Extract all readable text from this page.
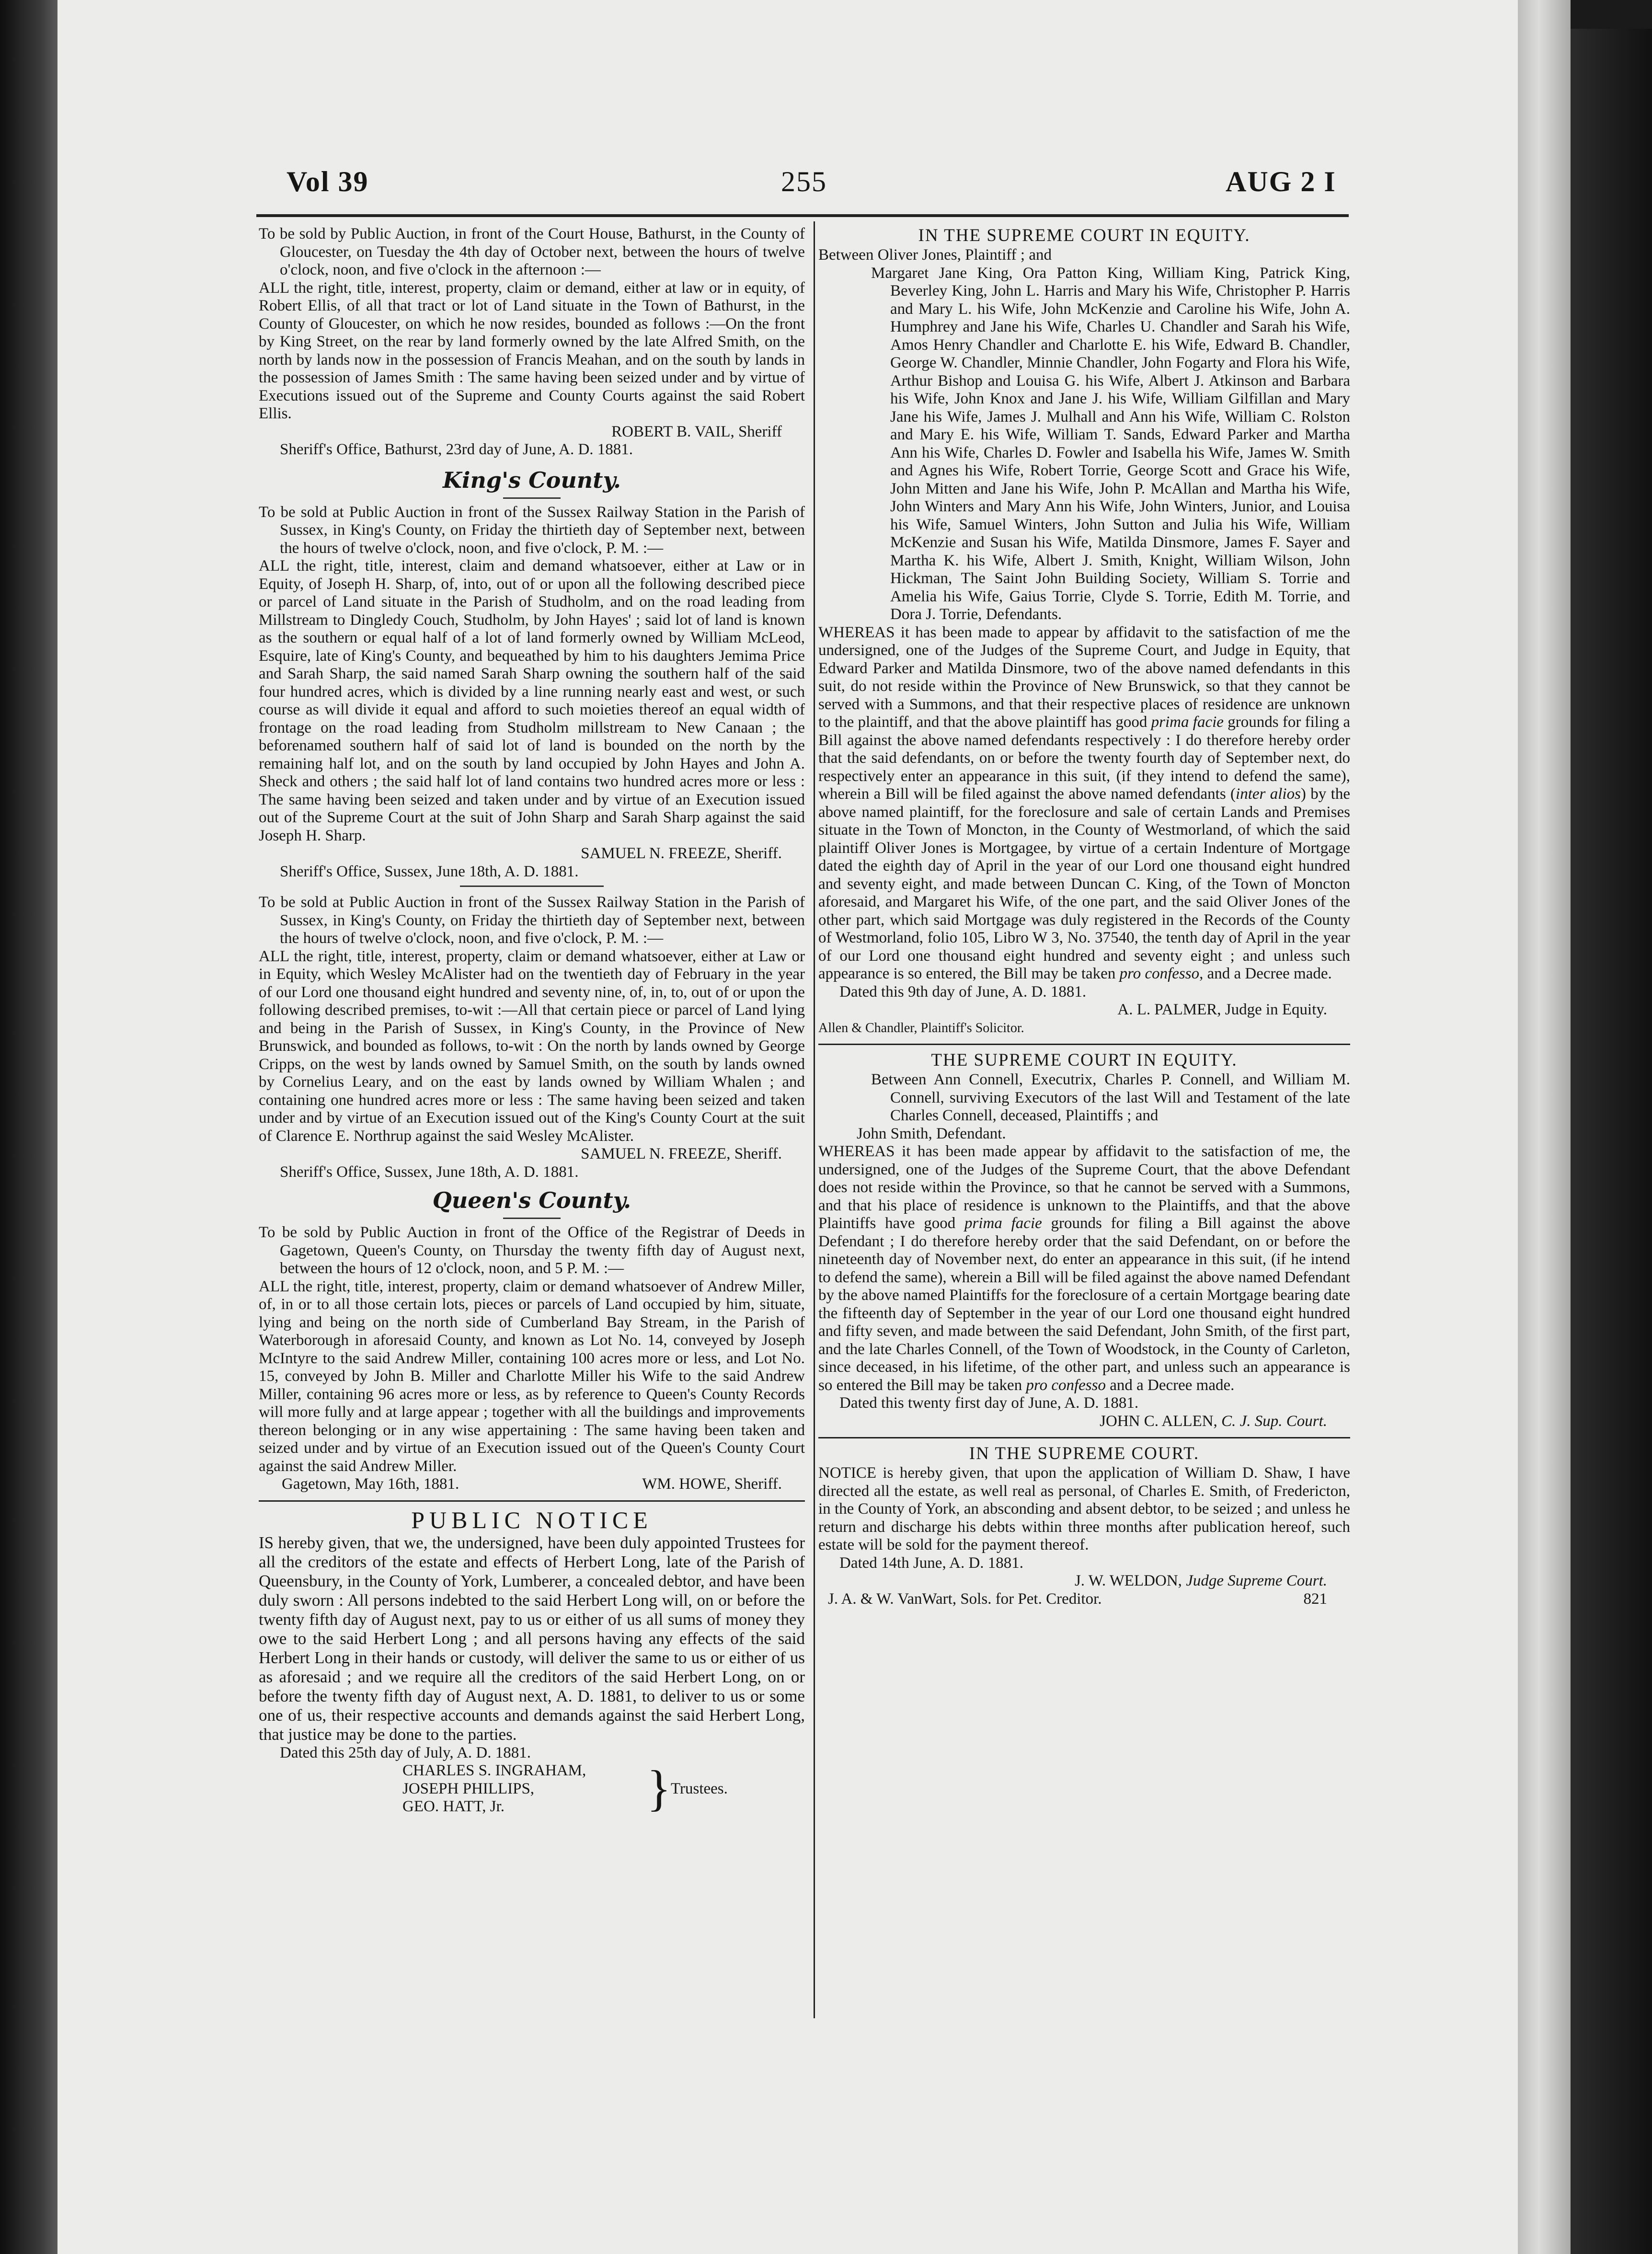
Vol 39	255	AUG 2 I

To be sold by Public Auction, in front of the Court House, Bathurst, in the County of Gloucester, on Tuesday the 4th day of October next, between the hours of twelve o'clock, noon, and five o'clock in the afternoon :—

ALL the right, title, interest, property, claim or demand, either at law or in equity, of Robert Ellis, of all that tract or lot of Land situate in the Town of Bathurst, in the County of Gloucester, on which he now resides, bounded as follows :—On the front by King Street, on the rear by land formerly owned by the late Alfred Smith, on the north by lands now in the possession of Francis Meahan, and on the south by lands in the possession of James Smith : The same having been seized under and by virtue of Executions issued out of the Supreme and County Courts against the said Robert Ellis.

ROBERT B. VAIL, Sheriff

Sheriff's Office, Bathurst, 23rd day of June, A. D. 1881.

King's County.

To be sold at Public Auction in front of the Sussex Railway Station in the Parish of Sussex, in King's County, on Friday the thirtieth day of September next, between the hours of twelve o'clock, noon, and five o'clock, P. M. :—

ALL the right, title, interest, claim and demand whatsoever, either at Law or in Equity, of Joseph H. Sharp, of, into, out of or upon all the following described piece or parcel of Land situate in the Parish of Studholm, and on the road leading from Millstream to Dingledy Couch, Studholm, by John Hayes' ; said lot of land is known as the southern or equal half of a lot of land formerly owned by William McLeod, Esquire, late of King's County, and bequeathed by him to his daughters Jemima Price and Sarah Sharp, the said named Sarah Sharp owning the southern half of the said four hundred acres, which is divided by a line running nearly east and west, or such course as will divide it equal and afford to such moieties thereof an equal width of frontage on the road leading from Studholm millstream to New Canaan ; the beforenamed southern half of said lot of land is bounded on the north by the remaining half lot, and on the south by land occupied by John Hayes and John A. Sheck and others ; the said half lot of land contains two hundred acres more or less : The same having been seized and taken under and by virtue of an Execution issued out of the Supreme Court at the suit of John Sharp and Sarah Sharp against the said Joseph H. Sharp.

SAMUEL N. FREEZE, Sheriff.

Sheriff's Office, Sussex, June 18th, A. D. 1881.

To be sold at Public Auction in front of the Sussex Railway Station in the Parish of Sussex, in King's County, on Friday the thirtieth day of September next, between the hours of twelve o'clock, noon, and five o'clock, P. M. :—

ALL the right, title, interest, property, claim or demand whatsoever, either at Law or in Equity, which Wesley McAlister had on the twentieth day of February in the year of our Lord one thousand eight hundred and seventy nine, of, in, to, out of or upon the following described premises, to-wit :—All that certain piece or parcel of Land lying and being in the Parish of Sussex, in King's County, in the Province of New Brunswick, and bounded as follows, to-wit : On the north by lands owned by George Cripps, on the west by lands owned by Samuel Smith, on the south by lands owned by Cornelius Leary, and on the east by lands owned by William Whalen ; and containing one hundred acres more or less : The same having been seized and taken under and by virtue of an Execution issued out of the King's County Court at the suit of Clarence E. Northrup against the said Wesley McAlister.

SAMUEL N. FREEZE, Sheriff.

Sheriff's Office, Sussex, June 18th, A. D. 1881.

Queen's County.

To be sold by Public Auction in front of the Office of the Registrar of Deeds in Gagetown, Queen's County, on Thursday the twenty fifth day of August next, between the hours of 12 o'clock, noon, and 5 P. M. :—

ALL the right, title, interest, property, claim or demand whatsoever of Andrew Miller, of, in or to all those certain lots, pieces or parcels of Land occupied by him, situate, lying and being on the north side of Cumberland Bay Stream, in the Parish of Waterborough in aforesaid County, and known as Lot No. 14, conveyed by Joseph McIntyre to the said Andrew Miller, containing 100 acres more or less, and Lot No. 15, conveyed by John B. Miller and Charlotte Miller his Wife to the said Andrew Miller, containing 96 acres more or less, as by reference to Queen's County Records will more fully and at large appear ; together with all the buildings and improvements thereon belonging or in any wise appertaining : The same having been taken and seized under and by virtue of an Execution issued out of the Queen's County Court against the said Andrew Miller.

Gagetown, May 16th, 1881.	WM. HOWE, Sheriff.

PUBLIC NOTICE

IS hereby given, that we, the undersigned, have been duly appointed Trustees for all the creditors of the estate and effects of Herbert Long, late of the Parish of Queensbury, in the County of York, Lumberer, a concealed debtor, and have been duly sworn : All persons indebted to the said Herbert Long will, on or before the twenty fifth day of August next, pay to us or either of us all sums of money they owe to the said Herbert Long ; and all persons having any effects of the said Herbert Long in their hands or custody, will deliver the same to us or either of us as aforesaid ; and we require all the creditors of the said Herbert Long, on or before the twenty fifth day of August next, A. D. 1881, to deliver to us or some one of us, their respective accounts and demands against the said Herbert Long, that justice may be done to the parties.

Dated this 25th day of July, A. D. 1881.

CHARLES S. INGRAHAM,
JOSEPH PHILLIPS,
GEO. HATT, Jr.	} Trustees.
IN THE SUPREME COURT IN EQUITY.

Between Oliver Jones, Plaintiff ; and

Margaret Jane King, Ora Patton King, William King, Patrick King, Beverley King, John L. Harris and Mary his Wife, Christopher P. Harris and Mary L. his Wife, John McKenzie and Caroline his Wife, John A. Humphrey and Jane his Wife, Charles U. Chandler and Sarah his Wife, Amos Henry Chandler and Charlotte E. his Wife, Edward B. Chandler, George W. Chandler, Minnie Chandler, John Fogarty and Flora his Wife, Arthur Bishop and Louisa G. his Wife, Albert J. Atkinson and Barbara his Wife, John Knox and Jane J. his Wife, William Gilfillan and Mary Jane his Wife, James J. Mulhall and Ann his Wife, William C. Rolston and Mary E. his Wife, William T. Sands, Edward Parker and Martha Ann his Wife, Charles D. Fowler and Isabella his Wife, James W. Smith and Agnes his Wife, Robert Torrie, George Scott and Grace his Wife, John Mitten and Jane his Wife, John P. McAllan and Martha his Wife, John Winters and Mary Ann his Wife, John Winters, Junior, and Louisa his Wife, Samuel Winters, John Sutton and Julia his Wife, William McKenzie and Susan his Wife, Matilda Dinsmore, James F. Sayer and Martha K. his Wife, Albert J. Smith, Knight, William Wilson, John Hickman, The Saint John Building Society, William S. Torrie and Amelia his Wife, Gaius Torrie, Clyde S. Torrie, Edith M. Torrie, and Dora J. Torrie, Defendants.

WHEREAS it has been made to appear by affidavit to the satisfaction of me the undersigned, one of the Judges of the Supreme Court, and Judge in Equity, that Edward Parker and Matilda Dinsmore, two of the above named defendants in this suit, do not reside within the Province of New Brunswick, so that they cannot be served with a Summons, and that their respective places of residence are unknown to the plaintiff, and that the above plaintiff has good prima facie grounds for filing a Bill against the above named defendants respectively : I do therefore hereby order that the said defendants, on or before the twenty fourth day of September next, do respectively enter an appearance in this suit, (if they intend to defend the same), wherein a Bill will be filed against the above named defendants (inter alios) by the above named plaintiff, for the foreclosure and sale of certain Lands and Premises situate in the Town of Moncton, in the County of Westmorland, of which the said plaintiff Oliver Jones is Mortgagee, by virtue of a certain Indenture of Mortgage dated the eighth day of April in the year of our Lord one thousand eight hundred and seventy eight, and made between Duncan C. King, of the Town of Moncton aforesaid, and Margaret his Wife, of the one part, and the said Oliver Jones of the other part, which said Mortgage was duly registered in the Records of the County of Westmorland, folio 105, Libro W 3, No. 37540, the tenth day of April in the year of our Lord one thousand eight hundred and seventy eight ; and unless such appearance is so entered, the Bill may be taken pro confesso, and a Decree made.

Dated this 9th day of June, A. D. 1881.

A. L. PALMER, Judge in Equity.

Allen & Chandler, Plaintiff's Solicitor.

THE SUPREME COURT IN EQUITY.

Between Ann Connell, Executrix, Charles P. Connell, and William M. Connell, surviving Executors of the last Will and Testament of the late Charles Connell, deceased, Plaintiffs ; and

John Smith, Defendant.

WHEREAS it has been made appear by affidavit to the satisfaction of me, the undersigned, one of the Judges of the Supreme Court, that the above Defendant does not reside within the Province, so that he cannot be served with a Summons, and that his place of residence is unknown to the Plaintiffs, and that the above Plaintiffs have good prima facie grounds for filing a Bill against the above Defendant ; I do therefore hereby order that the said Defendant, on or before the nineteenth day of November next, do enter an appearance in this suit, (if he intend to defend the same), wherein a Bill will be filed against the above named Defendant by the above named Plaintiffs for the foreclosure of a certain Mortgage bearing date the fifteenth day of September in the year of our Lord one thousand eight hundred and fifty seven, and made between the said Defendant, John Smith, of the first part, and the late Charles Connell, of the Town of Woodstock, in the County of Carleton, since deceased, in his lifetime, of the other part, and unless such an appearance is so entered the Bill may be taken pro confesso and a Decree made.

Dated this twenty first day of June, A. D. 1881.

JOHN C. ALLEN, C. J. Sup. Court.

IN THE SUPREME COURT.

NOTICE is hereby given, that upon the application of William D. Shaw, I have directed all the estate, as well real as personal, of Charles E. Smith, of Fredericton, in the County of York, an absconding and absent debtor, to be seized ; and unless he return and discharge his debts within three months after publication hereof, such estate will be sold for the payment thereof.

Dated 14th June, A. D. 1881.

J. W. WELDON, Judge Supreme Court.

J. A. & W. VanWart, Sols. for Pet. Creditor.	821
